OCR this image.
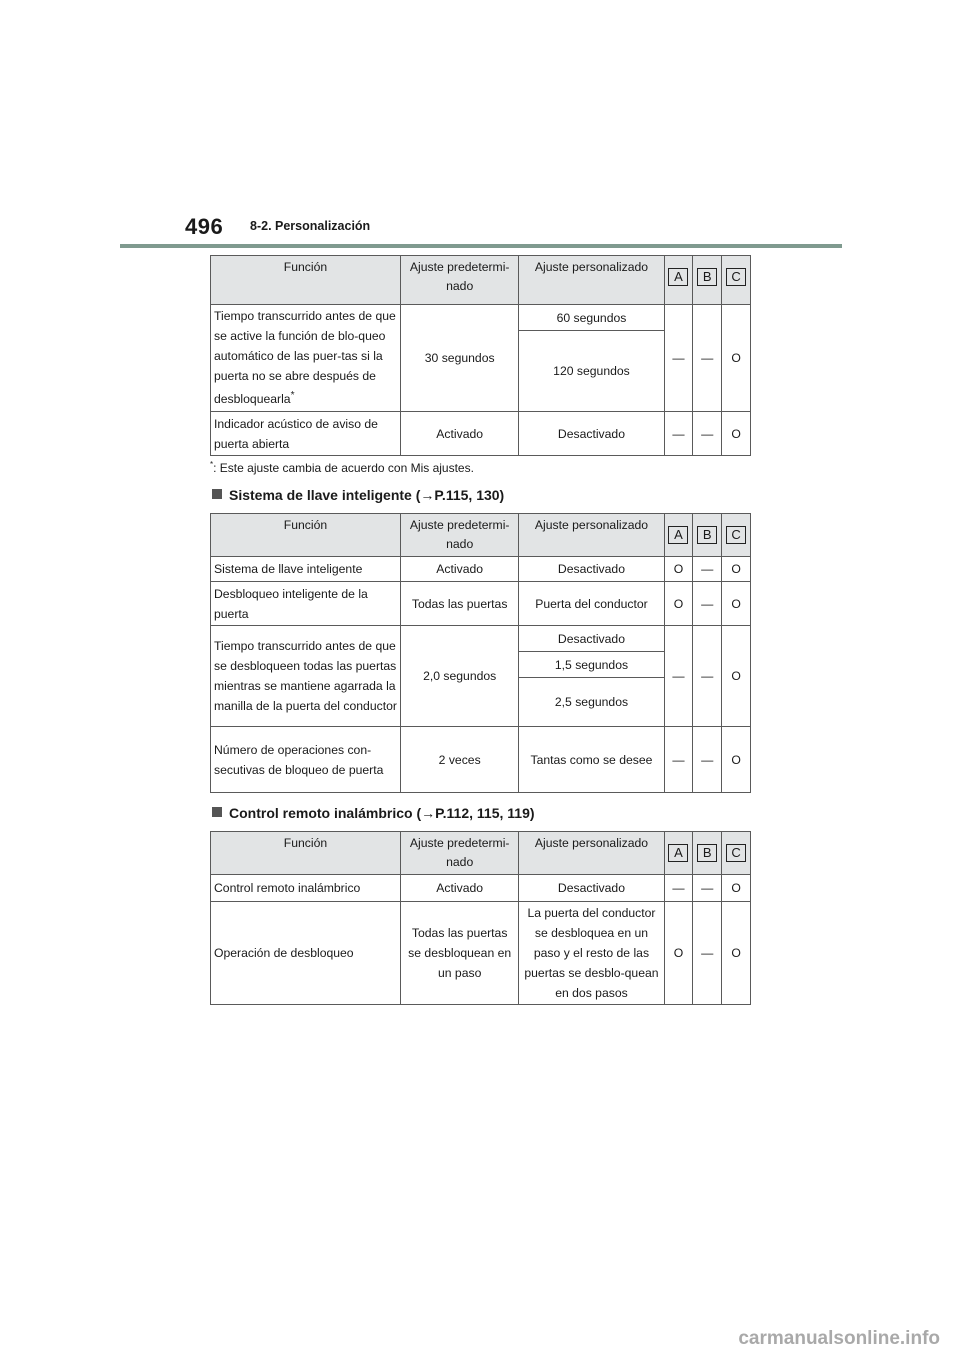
496 8-2. Personalización
Función	Ajuste predetermi-nado	Ajuste personalizado	A	B	C
Tiempo transcurrido antes de que se active la función de blo-queo automático de las puer-tas si la puerta no se abre después de desbloquearla*	30 segundos	60 segundos	—	—	O
		120 segundos			
Indicador acústico de aviso de puerta abierta	Activado	Desactivado	—	—	O
*: Este ajuste cambia de acuerdo con Mis ajustes.
Sistema de llave inteligente (→P.115, 130)
Función	Ajuste predetermi-nado	Ajuste personalizado	A	B	C
Sistema de llave inteligente	Activado	Desactivado	O	—	O
Desbloqueo inteligente de la puerta	Todas las puertas	Puerta del conductor	O	—	O
Tiempo transcurrido antes de que se desbloqueen todas las puertas mientras se mantiene agarrada la manilla de la puerta del conductor	2,0 segundos	Desactivado	—	—	O
		1,5 segundos			
		2,5 segundos			
Número de operaciones con-secutivas de bloqueo de puerta	2 veces	Tantas como se desee	—	—	O
Control remoto inalámbrico (→P.112, 115, 119)
Función	Ajuste predetermi-nado	Ajuste personalizado	A	B	C
Control remoto inalámbrico	Activado	Desactivado	—	—	O
Operación de desbloqueo	Todas las puertas se desbloquean en un paso	La puerta del conductor se desbloquea en un paso y el resto de las puertas se desblo-quean en dos pasos	O	—	O
carmanualsonline.info
